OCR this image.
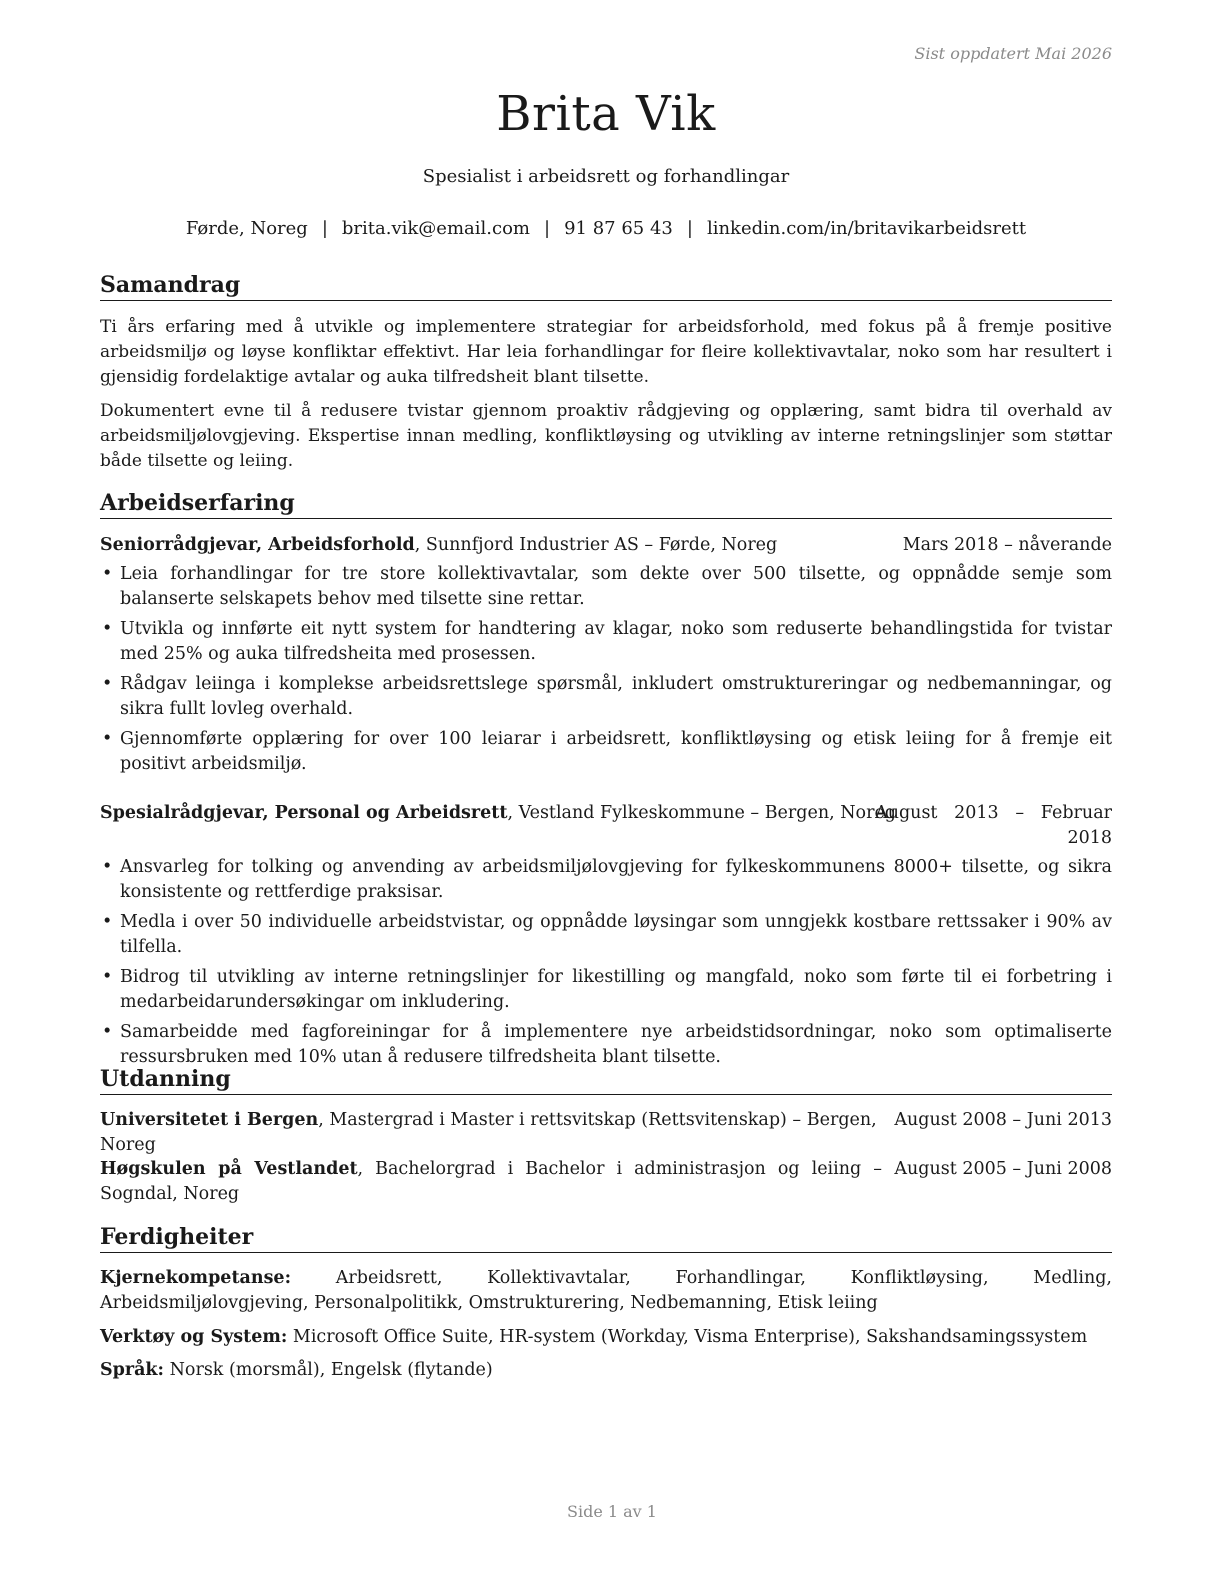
Sist oppdatert Mai 2026
Brita Vik
Spesialist i arbeidsrett og forhandlingar
Førde, Noreg | brita.vik@email.com | 91 87 65 43 | linkedin.com/in/britavikarbeidsrett
Samandrag

Ti års erfaring med å utvikle og implementere strategiar for arbeidsforhold, med fokus på å fremje positive arbeidsmiljø og løyse konfliktar effektivt. Har leia forhandlingar for fleire kollektivavtalar, noko som har resultert i gjensidig fordelaktige avtalar og auka tilfredsheit blant tilsette.

Dokumentert evne til å redusere tvistar gjennom proaktiv rådgjeving og opplæring, samt bidra til overhald av arbeidsmiljølovgjeving. Ekspertise innan medling, konfliktløysing og utvikling av interne retningslinjer som støttar både tilsette og leiing.

Arbeidserfaring
Seniorrådgjevar, Arbeidsforhold, Sunnfjord Industrier AS – Førde, Noreg	Mars 2018 – nåverande
• Leia forhandlingar for tre store kollektivavtalar, som dekte over 500 tilsette, og oppnådde semje som balanserte selskapets behov med tilsette sine rettar.
• Utvikla og innførte eit nytt system for handtering av klagar, noko som reduserte behandlingstida for tvistar med 25% og auka tilfredsheita med prosessen.
• Rådgav leiinga i komplekse arbeidsrettslege spørsmål, inkludert omstruktureringar og nedbemanningar, og sikra fullt lovleg overhald.
• Gjennomførte opplæring for over 100 leiarar i arbeidsrett, konfliktløysing og etisk leiing for å fremje eit positivt arbeidsmiljø.
Spesialrådgjevar, Personal og Arbeidsrett, Vestland Fylkeskommune – Bergen, Noreg
August   2013   –   Februar
2018
• Ansvarleg for tolking og anvending av arbeidsmiljølovgjeving for fylkeskommunens 8000+ tilsette, og sikra konsistente og rettferdige praksisar.
• Medla i over 50 individuelle arbeidstvistar, og oppnådde løysingar som unngjekk kostbare rettssaker i 90% av tilfella.
• Bidrog til utvikling av interne retningslinjer for likestilling og mangfald, noko som førte til ei forbetring i medarbeidarundersøkingar om inkludering.
• Samarbeidde med fagforeiningar for å implementere nye arbeidstidsordningar, noko som optimaliserte ressursbruken med 10% utan å redusere tilfredsheita blant tilsette.
Utdanning
Universitetet i Bergen, Mastergrad i Master i rettsvitskap (Rettsvitenskap) – Bergen, Noreg
August 2008 – Juni 2013
Høgskulen på Vestlandet, Bachelorgrad i Bachelor i administrasjon og leiing – Sogndal, Noreg
August 2005 – Juni 2008
Ferdigheiter
Kjernekompetanse:	Arbeidsrett, Kollektivavtalar, Forhandlingar, Konfliktløysing, Medling, Arbeidsmiljølovgjeving, Personalpolitikk, Omstrukturering, Nedbemanning, Etisk leiing
Verktøy og System: Microsoft Office Suite, HR-system (Workday, Visma Enterprise), Sakshandsamingssystem
Språk: Norsk (morsmål), Engelsk (flytande)
Side 1 av 1
